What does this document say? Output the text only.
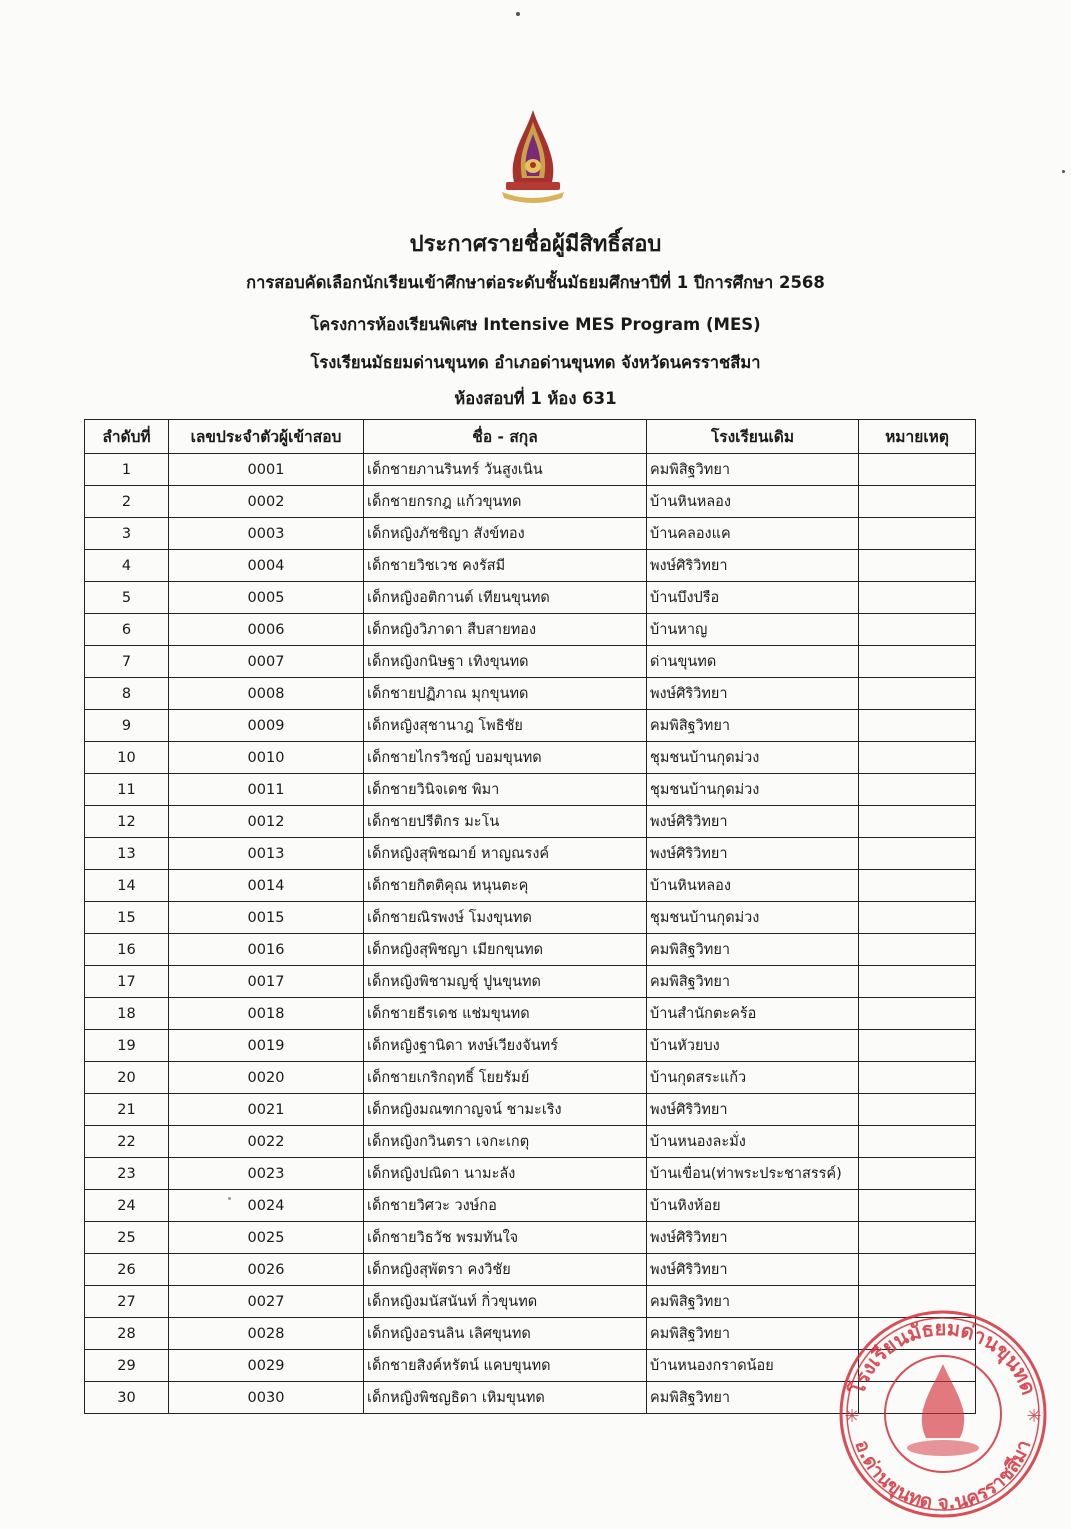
ประกาศรายชื่อผู้มีสิทธิ์สอบ
การสอบคัดเลือกนักเรียนเข้าศึกษาต่อระดับชั้นมัธยมศึกษาปีที่ 1 ปีการศึกษา 2568
โครงการห้องเรียนพิเศษ Intensive MES Program (MES)
โรงเรียนมัธยมด่านขุนทด อำเภอด่านขุนทด จังหวัดนครราชสีมา
ห้องสอบที่ 1 ห้อง 631
ลำดับที่	เลขประจำตัวผู้เข้าสอบ	ชื่อ - สกุล	โรงเรียนเดิม	หมายเหตุ
1	0001	เด็กชายภานรินทร์ วันสูงเนิน	คมพิสิฐวิทยา	
2	0002	เด็กชายกรกฎ แก้วขุนทด	บ้านหินหลอง	
3	0003	เด็กหญิงภัชชิญา สังข์ทอง	บ้านคลองแค	
4	0004	เด็กชายวิชเวช คงรัสมี	พงษ์ศิริวิทยา	
5	0005	เด็กหญิงอติกานต์ เทียนขุนทด	บ้านบึงปรือ	
6	0006	เด็กหญิงวิภาดา สืบสายทอง	บ้านหาญ	
7	0007	เด็กหญิงกนิษฐา เทิงขุนทด	ด่านขุนทด	
8	0008	เด็กชายปฏิภาณ มุกขุนทด	พงษ์ศิริวิทยา	
9	0009	เด็กหญิงสุชานาฎ โพธิชัย	คมพิสิฐวิทยา	
10	0010	เด็กชายไกรวิชญ์ บอมขุนทด	ชุมชนบ้านกุดม่วง	
11	0011	เด็กชายวินิจเดช พิมา	ชุมชนบ้านกุดม่วง	
12	0012	เด็กชายปรีติกร มะโน	พงษ์ศิริวิทยา	
13	0013	เด็กหญิงสุพิชฌาย์ หาญณรงค์	พงษ์ศิริวิทยา	
14	0014	เด็กชายกิตติคุณ หนุนตะคุ	บ้านหินหลอง	
15	0015	เด็กชายณิรพงษ์ โมงขุนทด	ชุมชนบ้านกุดม่วง	
16	0016	เด็กหญิงสุพิชญา เมียกขุนทด	คมพิสิฐวิทยา	
17	0017	เด็กหญิงพิชามญชุ์ ปูนขุนทด	คมพิสิฐวิทยา	
18	0018	เด็กชายธีรเดช แช่มขุนทด	บ้านสำนักตะคร้อ	
19	0019	เด็กหญิงฐานิดา หงษ์เวียงจันทร์	บ้านหัวยบง	
20	0020	เด็กชายเกริกฤทธิ์ โยยรัมย์	บ้านกุดสระแก้ว	
21	0021	เด็กหญิงมณฑกาญจน์ ชามะเริง	พงษ์ศิริวิทยา	
22	0022	เด็กหญิงกวินตรา เจกะเกตุ	บ้านหนองละมั่ง	
23	0023	เด็กหญิงปณิดา นามะลัง	บ้านเขื่อน(ท่าพระประชาสรรค์)	
24	0024	เด็กชายวิศวะ วงษ์กอ	บ้านหิงห้อย	
25	0025	เด็กชายวิธวัช พรมทันใจ	พงษ์ศิริวิทยา	
26	0026	เด็กหญิงสุพัตรา คงวิชัย	พงษ์ศิริวิทยา	
27	0027	เด็กหญิงมนัสนันท์ กิ่วขุนทด	คมพิสิฐวิทยา	
28	0028	เด็กหญิงอรนลิน เลิศขุนทด	คมพิสิฐวิทยา	
29	0029	เด็กชายสิงค์หรัตน์ แคบขุนทด	บ้านหนองกราดน้อย	
30	0030	เด็กหญิงพิชญธิดา เหิมขุนทด	คมพิสิฐวิทยา	
โรงเรียนมัธยมด่านขุนทด
อ.ด่านขุนทด จ.นครราชสีมา
✳	✳
